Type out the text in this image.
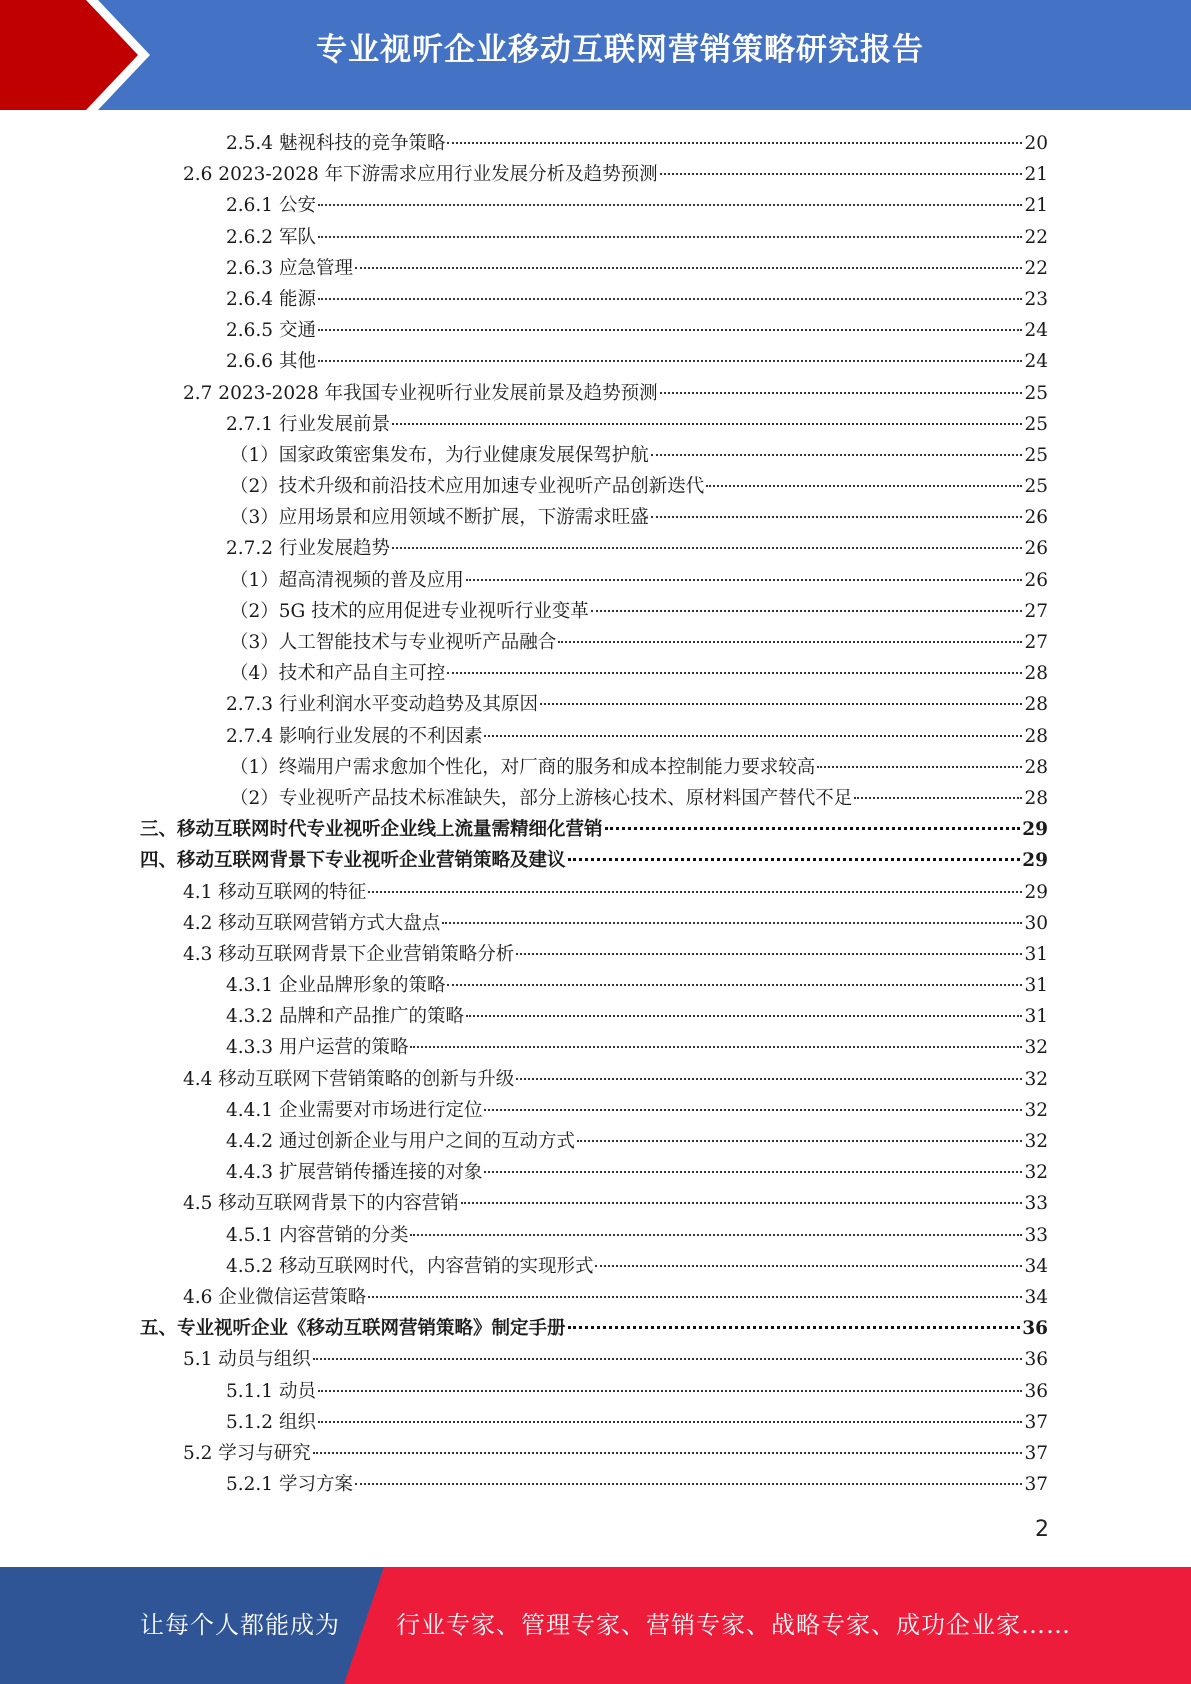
专业视听企业移动互联网营销策略研究报告
2.5.4 魅视科技的竞争策略	20
2.6 2023-2028 年下游需求应用行业发展分析及趋势预测	21
2.6.1 公安	21
2.6.2 军队	22
2.6.3 应急管理	22
2.6.4 能源	23
2.6.5 交通	24
2.6.6 其他	24
2.7 2023-2028 年我国专业视听行业发展前景及趋势预测	25
2.7.1 行业发展前景	25
（1）国家政策密集发布，为行业健康发展保驾护航	25
（2）技术升级和前沿技术应用加速专业视听产品创新迭代	25
（3）应用场景和应用领域不断扩展，下游需求旺盛	26
2.7.2 行业发展趋势	26
（1）超高清视频的普及应用	26
（2）5G 技术的应用促进专业视听行业变革	27
（3）人工智能技术与专业视听产品融合	27
（4）技术和产品自主可控	28
2.7.3 行业利润水平变动趋势及其原因	28
2.7.4 影响行业发展的不利因素	28
（1）终端用户需求愈加个性化，对厂商的服务和成本控制能力要求较高	28
（2）专业视听产品技术标准缺失，部分上游核心技术、原材料国产替代不足	28
三、移动互联网时代专业视听企业线上流量需精细化营销	29
四、移动互联网背景下专业视听企业营销策略及建议	29
4.1 移动互联网的特征	29
4.2 移动互联网营销方式大盘点	30
4.3 移动互联网背景下企业营销策略分析	31
4.3.1 企业品牌形象的策略	31
4.3.2 品牌和产品推广的策略	31
4.3.3 用户运营的策略	32
4.4 移动互联网下营销策略的创新与升级	32
4.4.1 企业需要对市场进行定位	32
4.4.2 通过创新企业与用户之间的互动方式	32
4.4.3 扩展营销传播连接的对象	32
4.5 移动互联网背景下的内容营销	33
4.5.1 内容营销的分类	33
4.5.2 移动互联网时代，内容营销的实现形式	34
4.6 企业微信运营策略	34
五、专业视听企业《移动互联网营销策略》制定手册	36
5.1 动员与组织	36
5.1.1 动员	36
5.1.2 组织	37
5.2 学习与研究	37
5.2.1 学习方案	37
2
让每个人都能成为 行业专家、管理专家、营销专家、战略专家、成功企业家……
